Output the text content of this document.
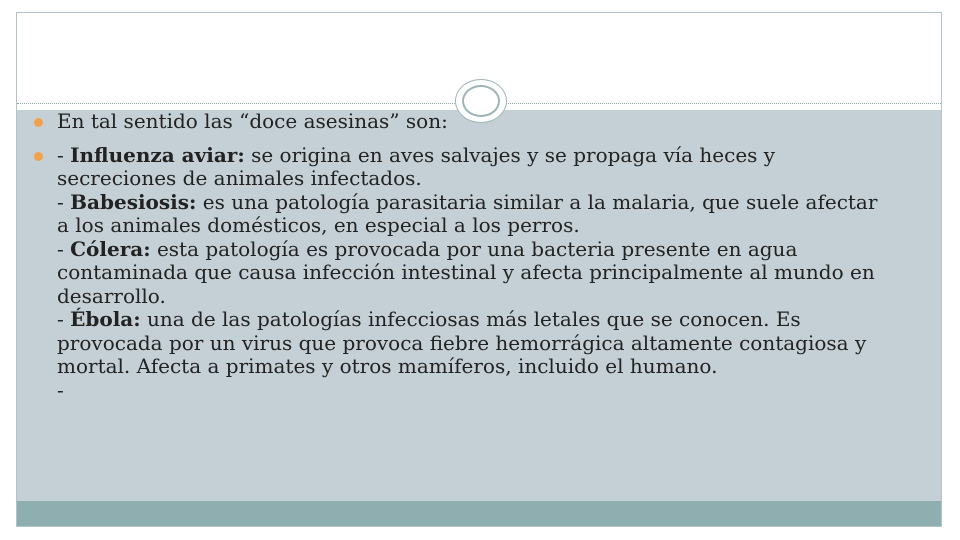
En tal sentido las “doce asesinas” son:
- Influenza aviar: se origina en aves salvajes y se propaga vía heces y secreciones de animales infectados.
- Babesiosis: es una patología parasitaria similar a la malaria, que suele afectar a los animales domésticos, en especial a los perros.
- Cólera: esta patología es provocada por una bacteria presente en agua contaminada que causa infección intestinal y afecta principalmente al mundo en desarrollo.
- Ébola: una de las patologías infecciosas más letales que se conocen. Es provocada por un virus que provoca fiebre hemorrágica altamente contagiosa y mortal. Afecta a primates y otros mamíferos, incluido el humano.
-
